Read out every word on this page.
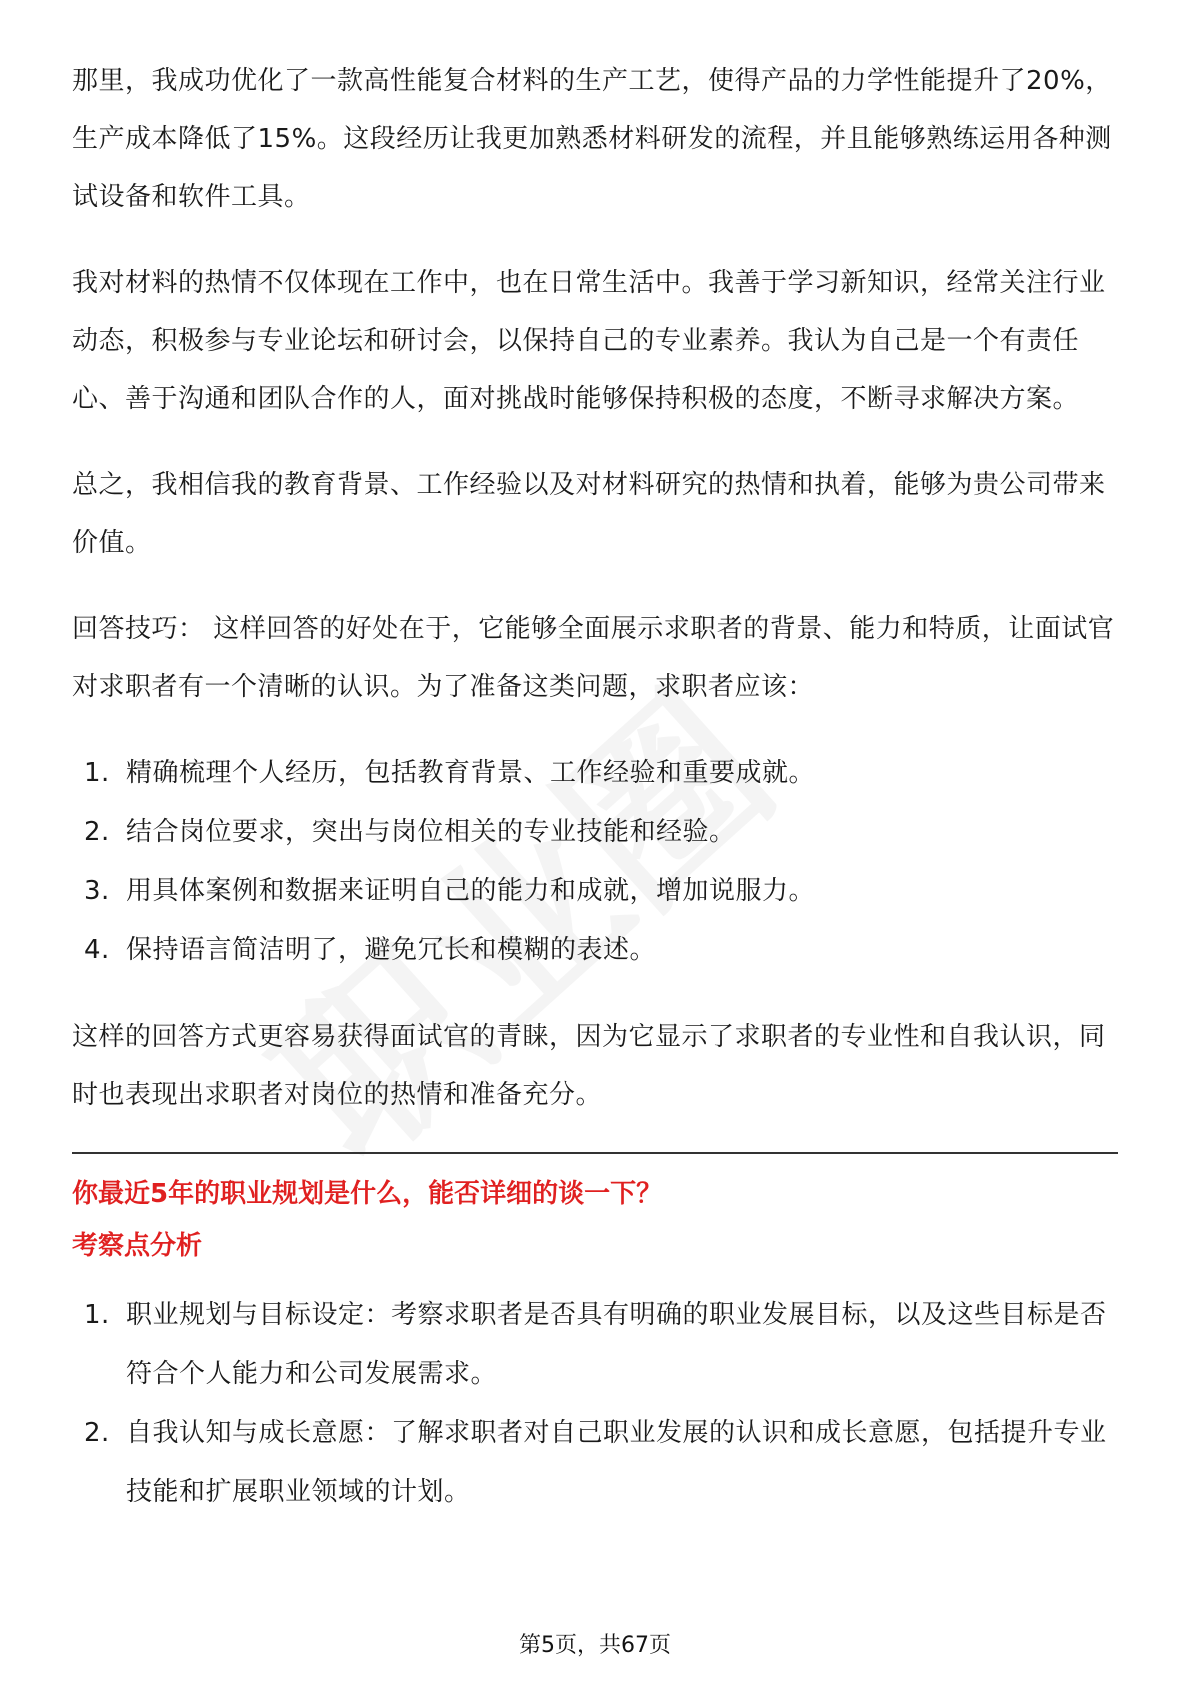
那里，我成功优化了一款高性能复合材料的生产工艺，使得产品的力学性能提升了20%，生产成本降低了15%。这段经历让我更加熟悉材料研发的流程，并且能够熟练运用各种测试设备和软件工具。

我对材料的热情不仅体现在工作中，也在日常生活中。我善于学习新知识，经常关注行业动态，积极参与专业论坛和研讨会，以保持自己的专业素养。我认为自己是一个有责任心、善于沟通和团队合作的人，面对挑战时能够保持积极的态度，不断寻求解决方案。

总之，我相信我的教育背景、工作经验以及对材料研究的热情和执着，能够为贵公司带来价值。

回答技巧： 这样回答的好处在于，它能够全面展示求职者的背景、能力和特质，让面试官对求职者有一个清晰的认识。为了准备这类问题，求职者应该：

1. 精确梳理个人经历，包括教育背景、工作经验和重要成就。
2. 结合岗位要求，突出与岗位相关的专业技能和经验。
3. 用具体案例和数据来证明自己的能力和成就，增加说服力。
4. 保持语言简洁明了，避免冗长和模糊的表述。

这样的回答方式更容易获得面试官的青睐，因为它显示了求职者的专业性和自我认识，同时也表现出求职者对岗位的热情和准备充分。

你最近5年的职业规划是什么，能否详细的谈一下？

考察点分析

1. 职业规划与目标设定：考察求职者是否具有明确的职业发展目标，以及这些目标是否符合个人能力和公司发展需求。
2. 自我认知与成长意愿：了解求职者对自己职业发展的认识和成长意愿，包括提升专业技能和扩展职业领域的计划。
第5页，共67页
